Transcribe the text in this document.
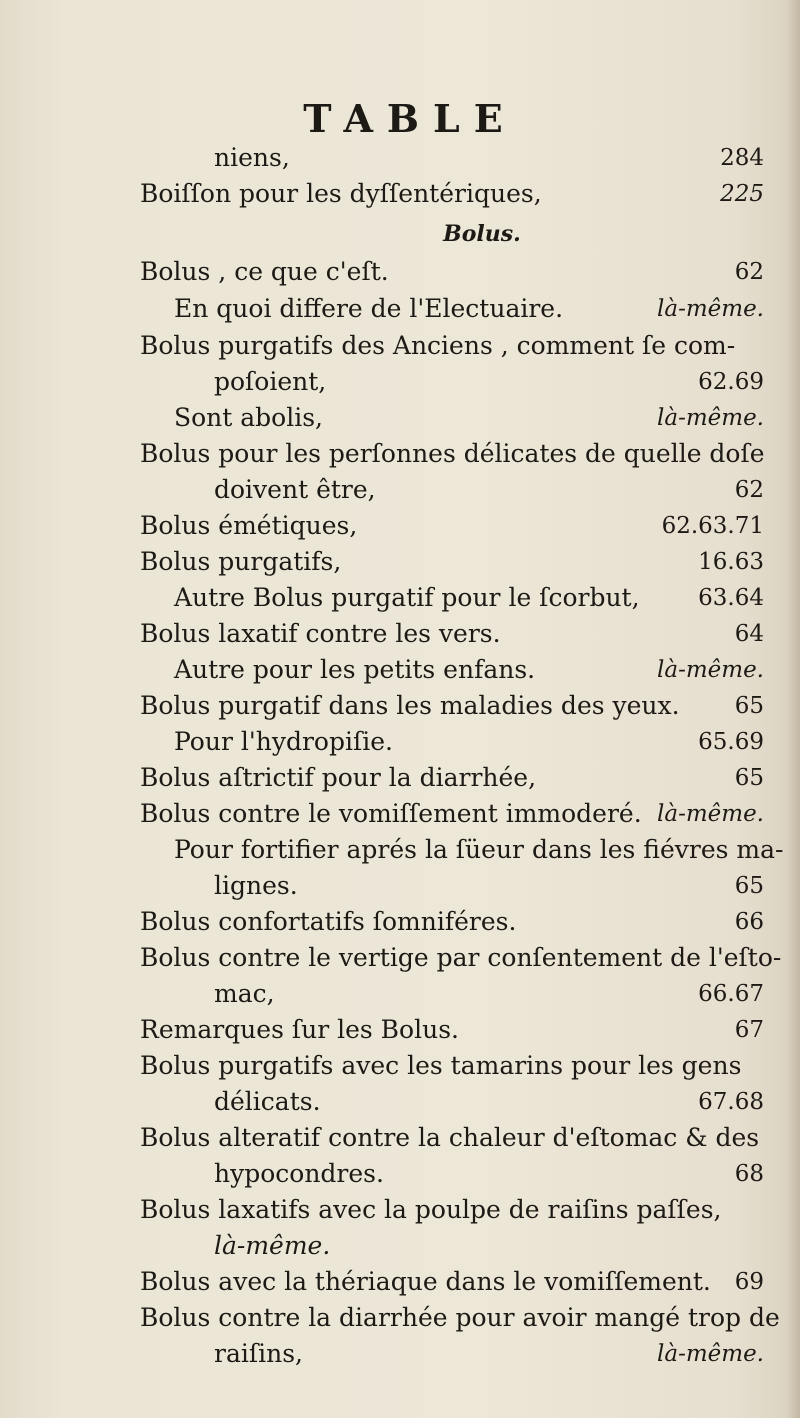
TABLE
niens,	284
Boiſſon pour les dyſſentériques,	225
Bolus.
Bolus , ce que c'eſt.	62
En quoi differe de l'Electuaire.	là-même.
Bolus purgatifs des Anciens , comment ſe com-
poſoient,	62.69
Sont abolis,	là-même.
Bolus pour les perſonnes délicates de quelle doſe
doivent être,	62
Bolus émétiques,	62.63.71
Bolus purgatifs,	16.63
Autre Bolus purgatif pour le ſcorbut,	63.64
Bolus laxatif contre les vers.	64
Autre pour les petits enfans.	là-même.
Bolus purgatif dans les maladies des yeux. 65
Pour l'hydropiſie.	65.69
Bolus aſtrictif pour la diarrhée,	65
Bolus contre le vomiſſement immoderé. là-même.
Pour fortifier aprés la ſüeur dans les fiévres ma-
lignes.	65
Bolus confortatifs ſomniféres.	66
Bolus contre le vertige par conſentement de l'eſto-
mac,	66.67
Remarques ſur les Bolus.	67
Bolus purgatifs avec les tamarins pour les gens
délicats.	67.68
Bolus alteratif contre la chaleur d'eſtomac & des
hypocondres.	68
Bolus laxatifs avec la poulpe de raiſins paſſes,
là-même.
Bolus avec la thériaque dans le vomiſſement. 69
Bolus contre la diarrhée pour avoir mangé trop de
raiſins,	là-même.
